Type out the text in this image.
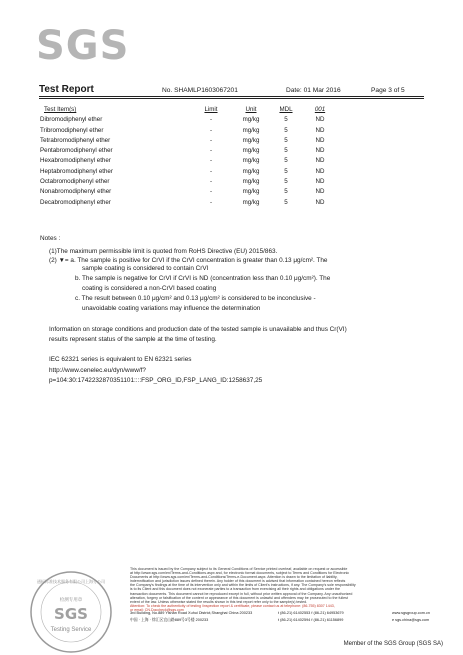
SGS
Test Report	No. SHAMLP1603067201	Date: 01 Mar 2016	Page 3 of 5
Test Item(s)	Limit	Unit	MDL	001
Dibromodiphenyl ether	-	mg/kg	5	ND
Tribromodiphenyl ether	-	mg/kg	5	ND
Tetrabromodiphenyl ether	-	mg/kg	5	ND
Pentabromodiphenyl ether	-	mg/kg	5	ND
Hexabromodiphenyl ether	-	mg/kg	5	ND
Heptabromodiphenyl ether	-	mg/kg	5	ND
Octabromodiphenyl ether	-	mg/kg	5	ND
Nonabromodiphenyl ether	-	mg/kg	5	ND
Decabromodiphenyl ether	-	mg/kg	5	ND
Notes :
(1)The maximum permissible limit is quoted from RoHS Directive (EU) 2015/863.
(2) ▼= a. The sample is positive for CrVI if the CrVI concentration is greater than 0.13 μg/cm². The
sample coating is considered to contain CrVI
b. The sample is negative for CrVI if CrVI is ND (concentration less than 0.10 μg/cm²). The
coating is considered a non-CrVI based coating
c. The result between 0.10 μg/cm² and 0.13 μg/cm² is considered to be inconclusive -
unavoidable coating variations may influence the determination
Information on storage conditions and production date of the tested sample is unavailable and thus Cr(VI)
results represent status of the sample at the time of testing.
IEC 62321 series is equivalent to EN 62321 series
http://www.cenelec.eu/dyn/www/f?
p=104:30:1742232870351101::::FSP_ORG_ID,FSP_LANG_ID:1258637,25
通标标准技术服务有限公司上海分公司
检测专用章
SGS
Testing Service
This document is issued by the Company subject to its General Conditions of Service printed overleaf, available on request or accessible
at http://www.sgs.com/en/Terms-and-Conditions.aspx and, for electronic format documents, subject to Terms and Conditions for Electronic
Documents at http://www.sgs.com/en/Terms-and-Conditions/Terms-e-Document.aspx. Attention is drawn to the limitation of liability,
indemnification and jurisdiction issues defined therein. Any holder of this document is advised that information contained hereon reflects
the Company's findings at the time of its intervention only and within the limits of Client's instructions, if any. The Company's sole responsibility
is to its Client and this document does not exonerate parties to a transaction from exercising all their rights and obligations under the
transaction documents. This document cannot be reproduced except in full, without prior written approval of the Company. Any unauthorized
alteration, forgery or falsification of the content or appearance of this document is unlawful and offenders may be prosecuted to the fullest
extent of the law. Unless otherwise stated the results shown in this test report refer only to the sample(s) tested.
Attention: To check the authenticity of testing /inspection report & certificate, please contact us at telephone: (86-755) 8307 1443,
or email: CN.Doccheck@sgs.com
3rd Building, No.889 Yishan Road Xuhui District,Shanghai China 200233
中国 · 上海 · 徐汇区宜山路889号3号楼 200233
t (86-21) 61402553 f (86-21) 64953679
t (86-21) 61402594 f (86-21) 61156899
www.sgsgroup.com.cn
e sgs.china@sgs.com
Member of the SGS Group (SGS SA)
